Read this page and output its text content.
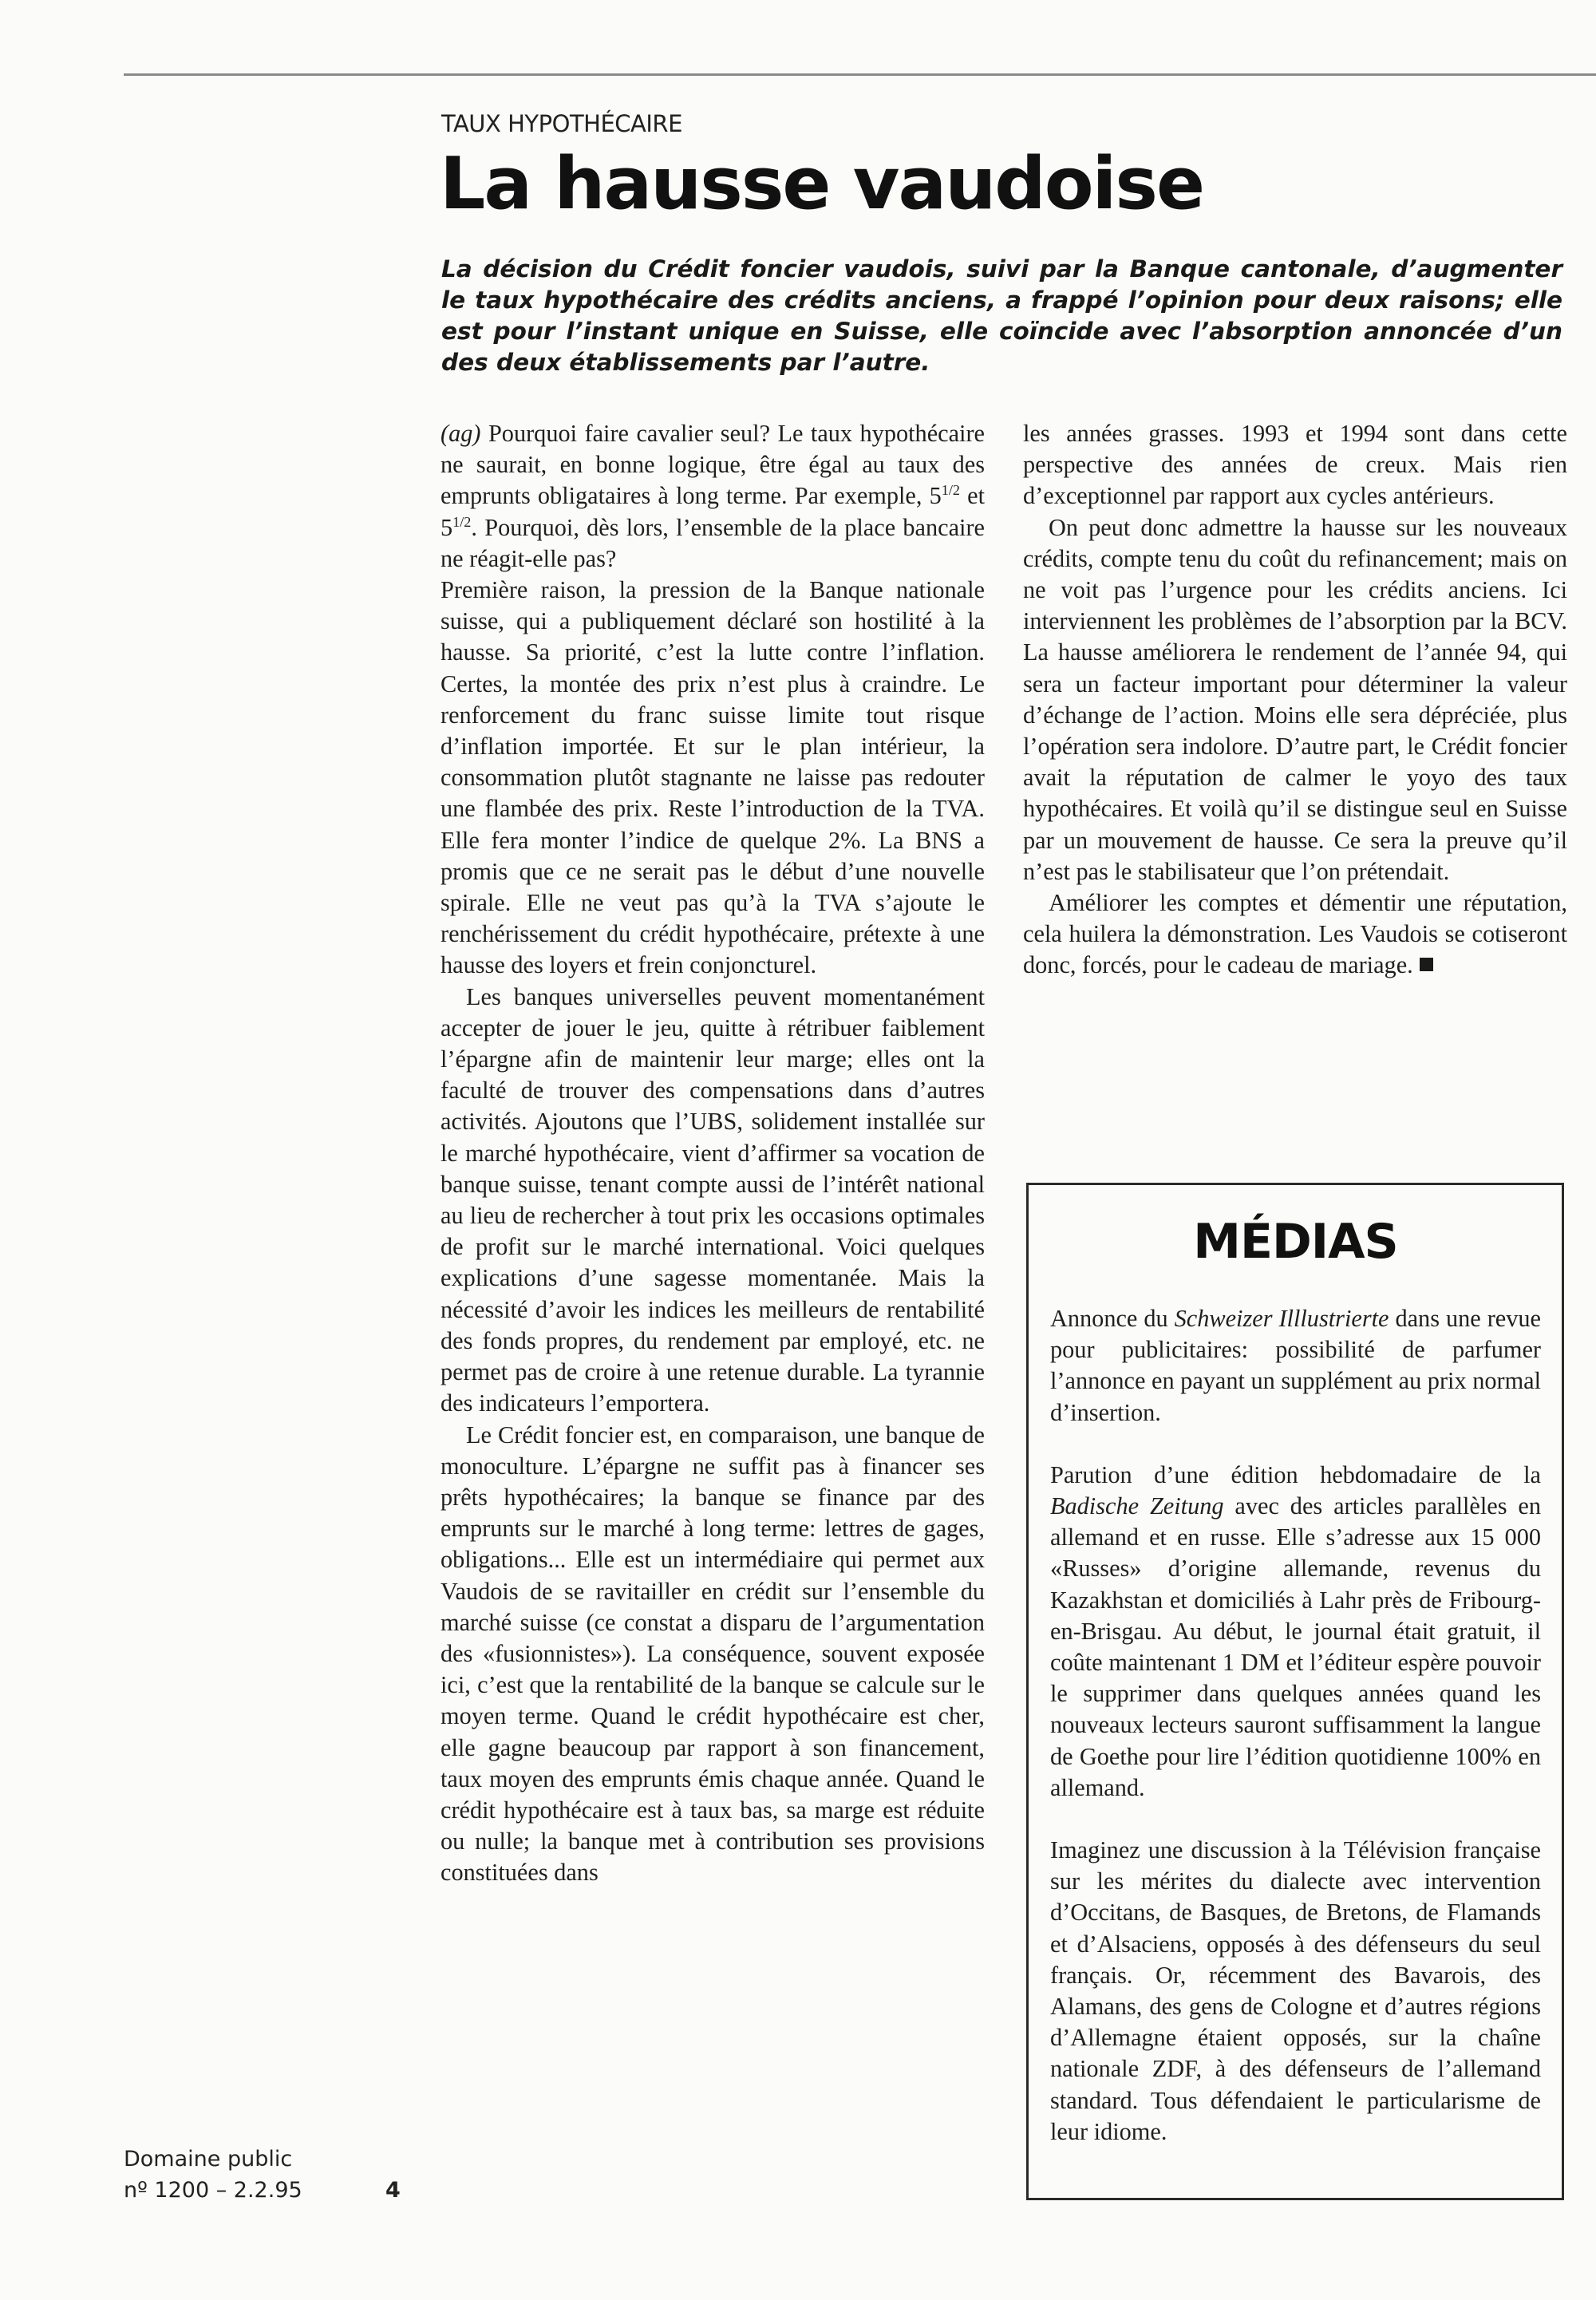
TAUX HYPOTHÉCAIRE
La hausse vaudoise

La décision du Crédit foncier vaudois, suivi par la Banque cantonale, d’augmenter le taux hypothécaire des crédits anciens, a frappé l’opinion pour deux raisons; elle est pour l’instant unique en Suisse, elle coïncide avec l’absorption annoncée d’un des deux établissements par l’autre.

(ag) Pourquoi faire cavalier seul? Le taux hypothécaire ne saurait, en bonne logique, être égal au taux des emprunts obligataires à long terme. Par exemple, $5^{1/2}$ et $5^{1/2}$. Pourquoi, dès lors, l’ensemble de la place bancaire ne réagit-elle pas?

Première raison, la pression de la Banque nationale suisse, qui a publiquement déclaré son hostilité à la hausse. Sa priorité, c’est la lutte contre l’inflation. Certes, la montée des prix n’est plus à craindre. Le renforcement du franc suisse limite tout risque d’inflation importée. Et sur le plan intérieur, la consommation plutôt stagnante ne laisse pas redouter une flambée des prix. Reste l’introduction de la TVA. Elle fera monter l’indice de quelque 2%. La BNS a promis que ce ne serait pas le début d’une nouvelle spirale. Elle ne veut pas qu’à la TVA s’ajoute le renchérissement du crédit hypothécaire, prétexte à une hausse des loyers et frein conjoncturel.

Les banques universelles peuvent momentanément accepter de jouer le jeu, quitte à rétribuer faiblement l’épargne afin de maintenir leur marge; elles ont la faculté de trouver des compensations dans d’autres activités. Ajoutons que l’UBS, solidement installée sur le marché hypothécaire, vient d’affirmer sa vocation de banque suisse, tenant compte aussi de l’intérêt national au lieu de rechercher à tout prix les occasions optimales de profit sur le marché international. Voici quelques explications d’une sagesse momentanée. Mais la nécessité d’avoir les indices les meilleurs de rentabilité des fonds propres, du rendement par employé, etc. ne permet pas de croire à une retenue durable. La tyrannie des indicateurs l’emportera.

Le Crédit foncier est, en comparaison, une banque de monoculture. L’épargne ne suffit pas à financer ses prêts hypothécaires; la banque se finance par des emprunts sur le marché à long terme: lettres de gages, obligations... Elle est un intermédiaire qui permet aux Vaudois de se ravitailler en crédit sur l’ensemble du marché suisse (ce constat a disparu de l’argumentation des «fusionnistes»). La conséquence, souvent exposée ici, c’est que la rentabilité de la banque se calcule sur le moyen terme. Quand le crédit hypothécaire est cher, elle gagne beaucoup par rapport à son financement, taux moyen des emprunts émis chaque année. Quand le crédit hypothécaire est à taux bas, sa marge est réduite ou nulle; la banque met à contribution ses provisions constituées dans

les années grasses. 1993 et 1994 sont dans cette perspective des années de creux. Mais rien d’exceptionnel par rapport aux cycles antérieurs.

On peut donc admettre la hausse sur les nouveaux crédits, compte tenu du coût du refinancement; mais on ne voit pas l’urgence pour les crédits anciens. Ici interviennent les problèmes de l’absorption par la BCV. La hausse améliorera le rendement de l’année 94, qui sera un facteur important pour déterminer la valeur d’échange de l’action. Moins elle sera dépréciée, plus l’opération sera indolore. D’autre part, le Crédit foncier avait la réputation de calmer le yoyo des taux hypothécaires. Et voilà qu’il se distingue seul en Suisse par un mouvement de hausse. Ce sera la preuve qu’il n’est pas le stabilisateur que l’on prétendait.

Améliorer les comptes et démentir une réputation, cela huilera la démonstration. Les Vaudois se cotiseront donc, forcés, pour le cadeau de mariage.

MÉDIAS

Annonce du Schweizer Illlustrierte dans une revue pour publicitaires: possibilité de parfumer l’annonce en payant un supplément au prix normal d’insertion.

Parution d’une édition hebdomadaire de la Badische Zeitung avec des articles parallèles en allemand et en russe. Elle s’adresse aux 15 000 «Russes» d’origine allemande, revenus du Kazakhstan et domiciliés à Lahr près de Fribourg-en-Brisgau. Au début, le journal était gratuit, il coûte maintenant 1 DM et l’éditeur espère pouvoir le supprimer dans quelques années quand les nouveaux lecteurs sauront suffisamment la langue de Goethe pour lire l’édition quotidienne 100% en allemand.

Imaginez une discussion à la Télévision française sur les mérites du dialecte avec intervention d’Occitans, de Basques, de Bretons, de Flamands et d’Alsaciens, opposés à des défenseurs du seul français. Or, récemment des Bavarois, des Alamans, des gens de Cologne et d’autres régions d’Allemagne étaient opposés, sur la chaîne nationale ZDF, à des défenseurs de l’allemand standard. Tous défendaient le particularisme de leur idiome.

Domaine public
nº 1200 – 2.2.95	4
